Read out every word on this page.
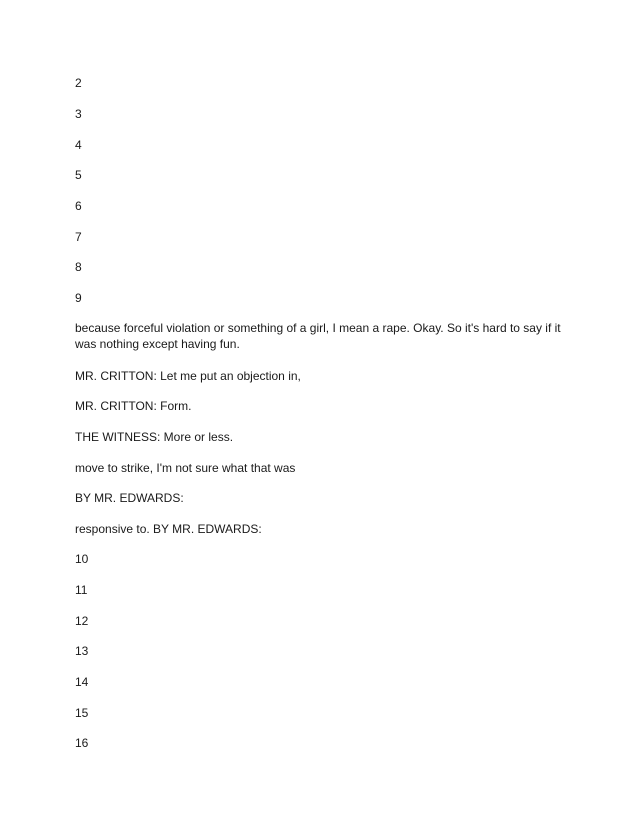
2
3
4
5
6
7
8
9
because forceful violation or something of a girl, I mean a rape. Okay. So it's hard to say if it was nothing except having fun.
MR. CRITTON: Let me put an objection in,
MR. CRITTON: Form.
THE WITNESS: More or less.
move to strike, I'm not sure what that was
BY MR. EDWARDS:
responsive to. BY MR. EDWARDS:
10
11
12
13
14
15
16
